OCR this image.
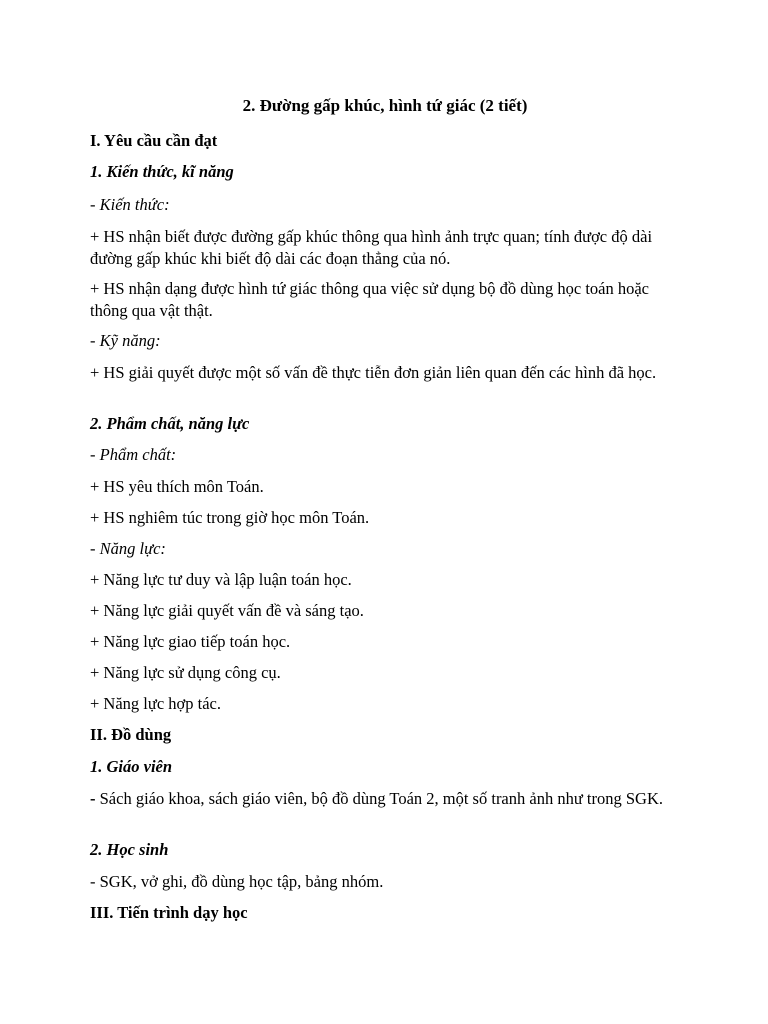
2. Đường gấp khúc, hình tứ giác (2 tiết)

I. Yêu cầu cần đạt

1. Kiến thức, kĩ năng

- Kiến thức:

+ HS nhận biết được đường gấp khúc thông qua hình ảnh trực quan; tính được độ dài đường gấp khúc khi biết độ dài các đoạn thẳng của nó.

+ HS nhận dạng được hình tứ giác thông qua việc sử dụng bộ đồ dùng học toán hoặc thông qua vật thật.

- Kỹ năng:

+ HS giải quyết được một số vấn đề thực tiễn đơn giản liên quan đến các hình đã học.

2. Phẩm chất, năng lực

- Phẩm chất:

+ HS yêu thích môn Toán.

+ HS nghiêm túc trong giờ học môn Toán.

- Năng lực:

+ Năng lực tư duy và lập luận toán học.

+ Năng lực giải quyết vấn đề và sáng tạo.

+ Năng lực giao tiếp toán học.

+ Năng lực sử dụng công cụ.

+ Năng lực hợp tác.

II. Đồ dùng

1. Giáo viên

- Sách giáo khoa, sách giáo viên, bộ đồ dùng Toán 2, một số tranh ảnh như trong SGK.

2. Học sinh

- SGK, vở ghi, đồ dùng học tập, bảng nhóm.

III. Tiến trình dạy học
